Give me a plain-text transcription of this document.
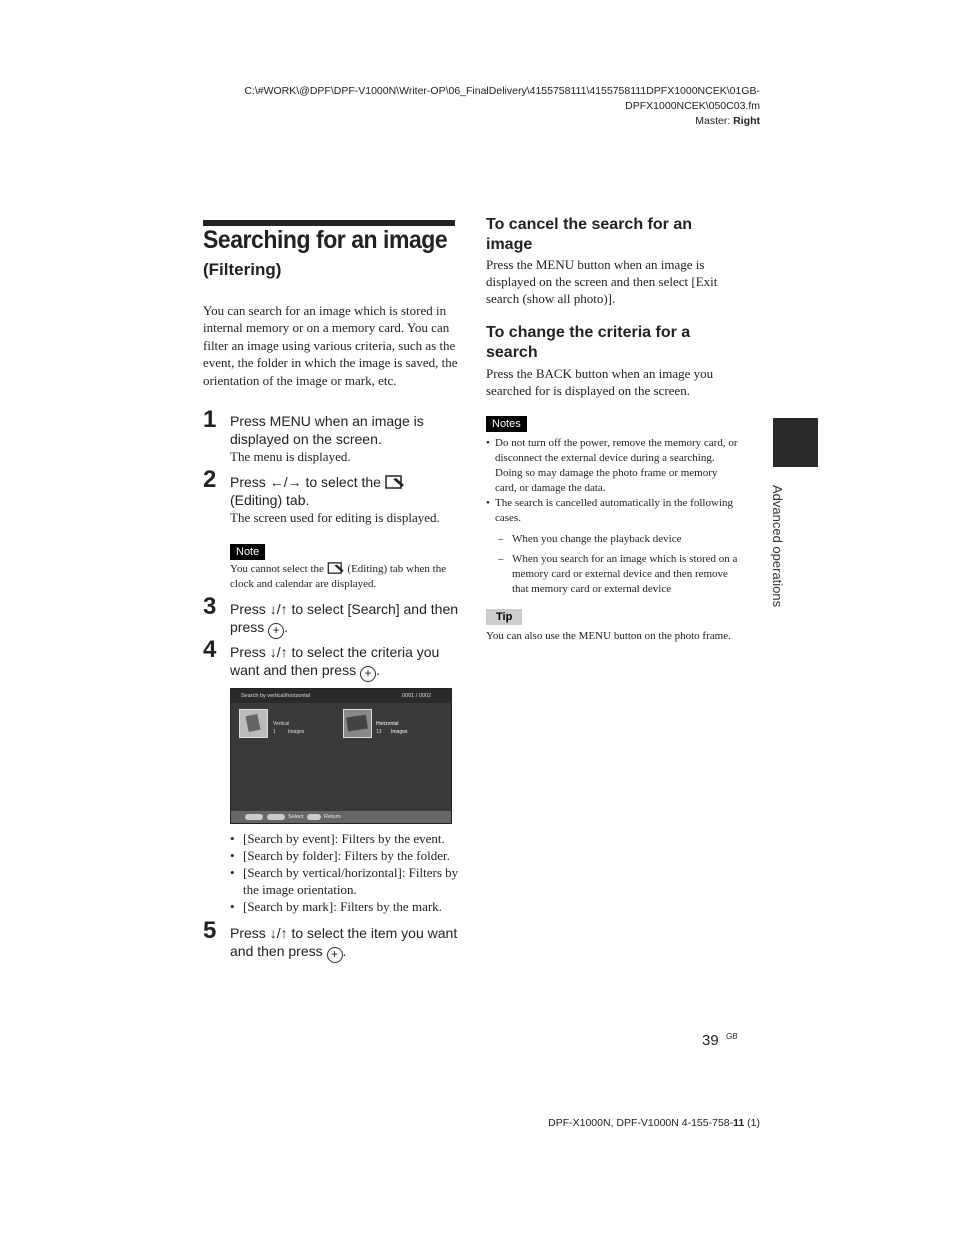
C:\#WORK\@DPF\DPF-V1000N\Writer-OP\06_FinalDelivery\4155758111\4155758111DPFX1000NCEK\01GB-
DPFX1000NCEK\050C03.fm
Master: Right
Searching for an image
(Filtering)
You can search for an image which is stored in internal memory or on a memory card. You can filter an image using various criteria, such as the event, the folder in which the image is saved, the orientation of the image or mark, etc.
1 Press MENU when an image is displayed on the screen.
The menu is displayed.
2 Press ←/→ to select the  (Editing) tab.
The screen used for editing is displayed.
Note
You cannot select the  (Editing) tab when the clock and calendar are displayed.
3 Press ↓/↑ to select [Search] and then press + .
4 Press ↓/↑ to select the criteria you want and then press + .
Search by vertical/horizontal	0001 / 0002
Vertical
1 Images
Horizontal
13 Images
Select	Return
• [Search by event]: Filters by the event.
• [Search by folder]: Filters by the folder.
• [Search by vertical/horizontal]: Filters by the image orientation.
• [Search by mark]: Filters by the mark.
5 Press ↓/↑ to select the item you want and then press + .
To cancel the search for an image
Press the MENU button when an image is displayed on the screen and then select [Exit search (show all photo)].
To change the criteria for a search
Press the BACK button when an image you searched for is displayed on the screen.
Notes
• Do not turn off the power, remove the memory card, or disconnect the external device during a searching. Doing so may damage the photo frame or memory card, or damage the data.
• The search is cancelled automatically in the following cases.
– When you change the playback device
– When you search for an image which is stored on a memory card or external device and then remove that memory card or external device
Tip
You can also use the MENU button on the photo frame.
Advanced operations
39 GB
DPF-X1000N, DPF-V1000N 4-155-758-11 (1)
